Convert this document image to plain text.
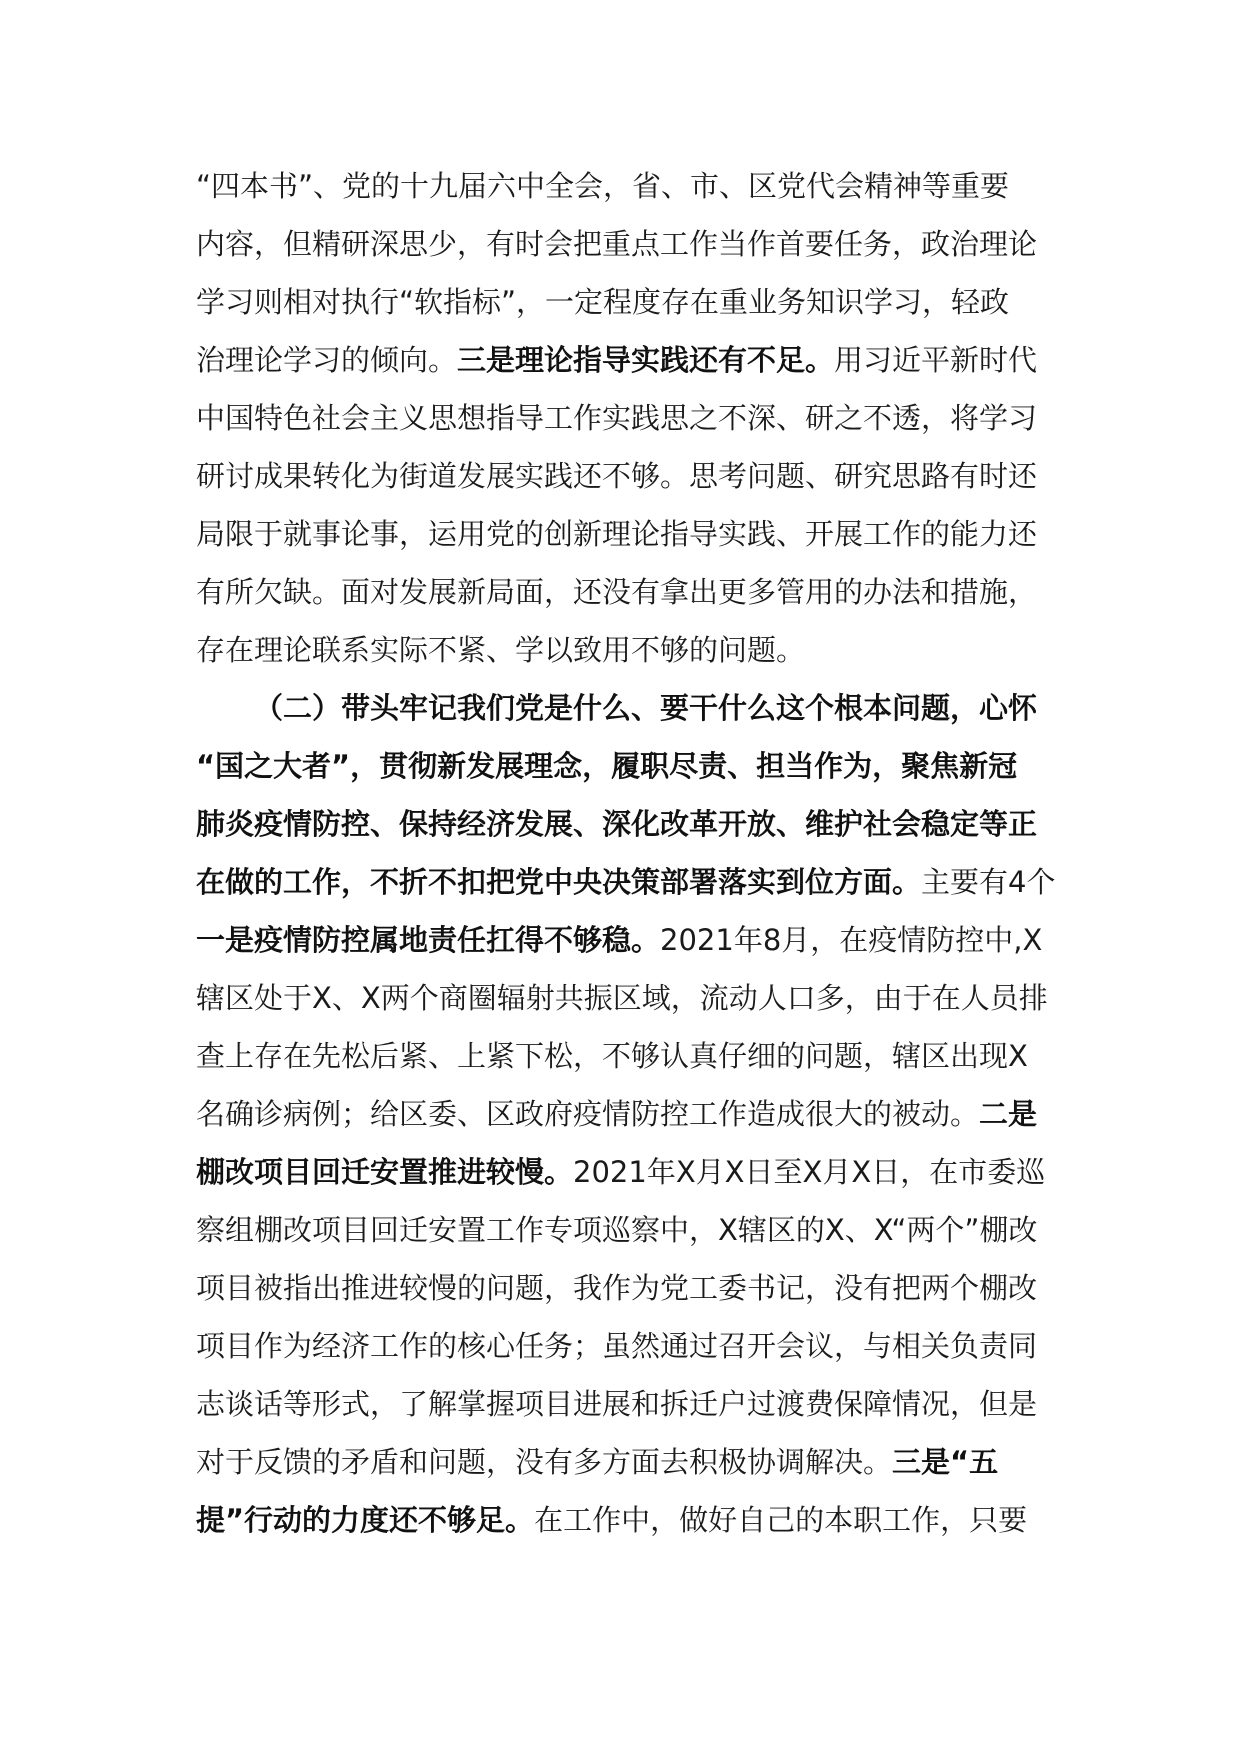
“四本书”、党的十九届六中全会，省、市、区党代会精神等重要
内容，但精研深思少，有时会把重点工作当作首要任务，政治理论
学习则相对执行“软指标”，一定程度存在重业务知识学习，轻政
治理论学习的倾向。三是理论指导实践还有不足。用习近平新时代
中国特色社会主义思想指导工作实践思之不深、研之不透，将学习
研讨成果转化为街道发展实践还不够。思考问题、研究思路有时还
局限于就事论事，运用党的创新理论指导实践、开展工作的能力还
有所欠缺。面对发展新局面，还没有拿出更多管用的办法和措施，
存在理论联系实际不紧、学以致用不够的问题。
（二）带头牢记我们党是什么、要干什么这个根本问题，心怀
“国之大者”，贯彻新发展理念，履职尽责、担当作为，聚焦新冠
肺炎疫情防控、保持经济发展、深化改革开放、维护社会稳定等正
在做的工作，不折不扣把党中央决策部署落实到位方面。主要有4个
一是疫情防控属地责任扛得不够稳。2021年8月，在疫情防控中,X
辖区处于X、X两个商圈辐射共振区域，流动人口多，由于在人员排
查上存在先松后紧、上紧下松，不够认真仔细的问题，辖区出现X
名确诊病例；给区委、区政府疫情防控工作造成很大的被动。二是
棚改项目回迁安置推进较慢。2021年X月X日至X月X日，在市委巡
察组棚改项目回迁安置工作专项巡察中，X辖区的X、X“两个”棚改
项目被指出推进较慢的问题，我作为党工委书记，没有把两个棚改
项目作为经济工作的核心任务；虽然通过召开会议，与相关负责同
志谈话等形式，了解掌握项目进展和拆迁户过渡费保障情况，但是
对于反馈的矛盾和问题，没有多方面去积极协调解决。三是“五
提”行动的力度还不够足。在工作中，做好自己的本职工作，只要
